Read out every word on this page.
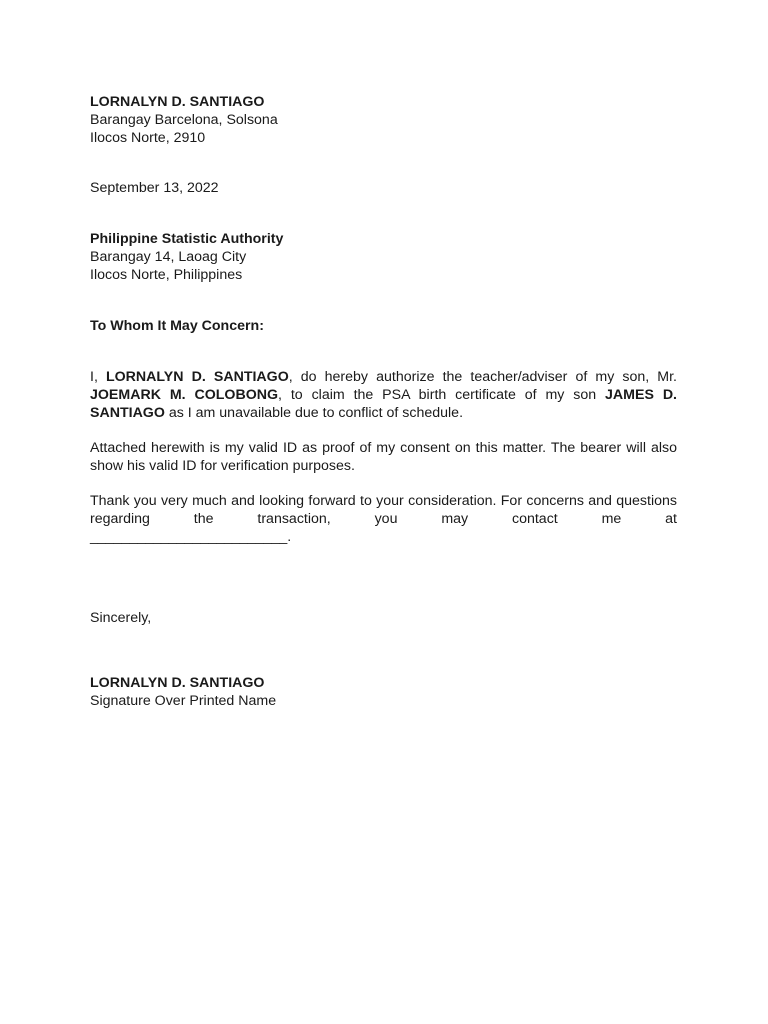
LORNALYN D. SANTIAGO
Barangay Barcelona, Solsona
Ilocos Norte, 2910
September 13, 2022
Philippine Statistic Authority
Barangay 14, Laoag City
Ilocos Norte, Philippines
To Whom It May Concern:

I, LORNALYN D. SANTIAGO, do hereby authorize the teacher/adviser of my son, Mr. JOEMARK M. COLOBONG, to claim the PSA birth certificate of my son JAMES D. SANTIAGO as I am unavailable due to conflict of schedule.

Attached herewith is my valid ID as proof of my consent on this matter. The bearer will also show his valid ID for verification purposes.

Thank you very much and looking forward to your consideration. For concerns and questions regarding the transaction, you may contact me at

_________________________.
Sincerely,
LORNALYN D. SANTIAGO
Signature Over Printed Name
